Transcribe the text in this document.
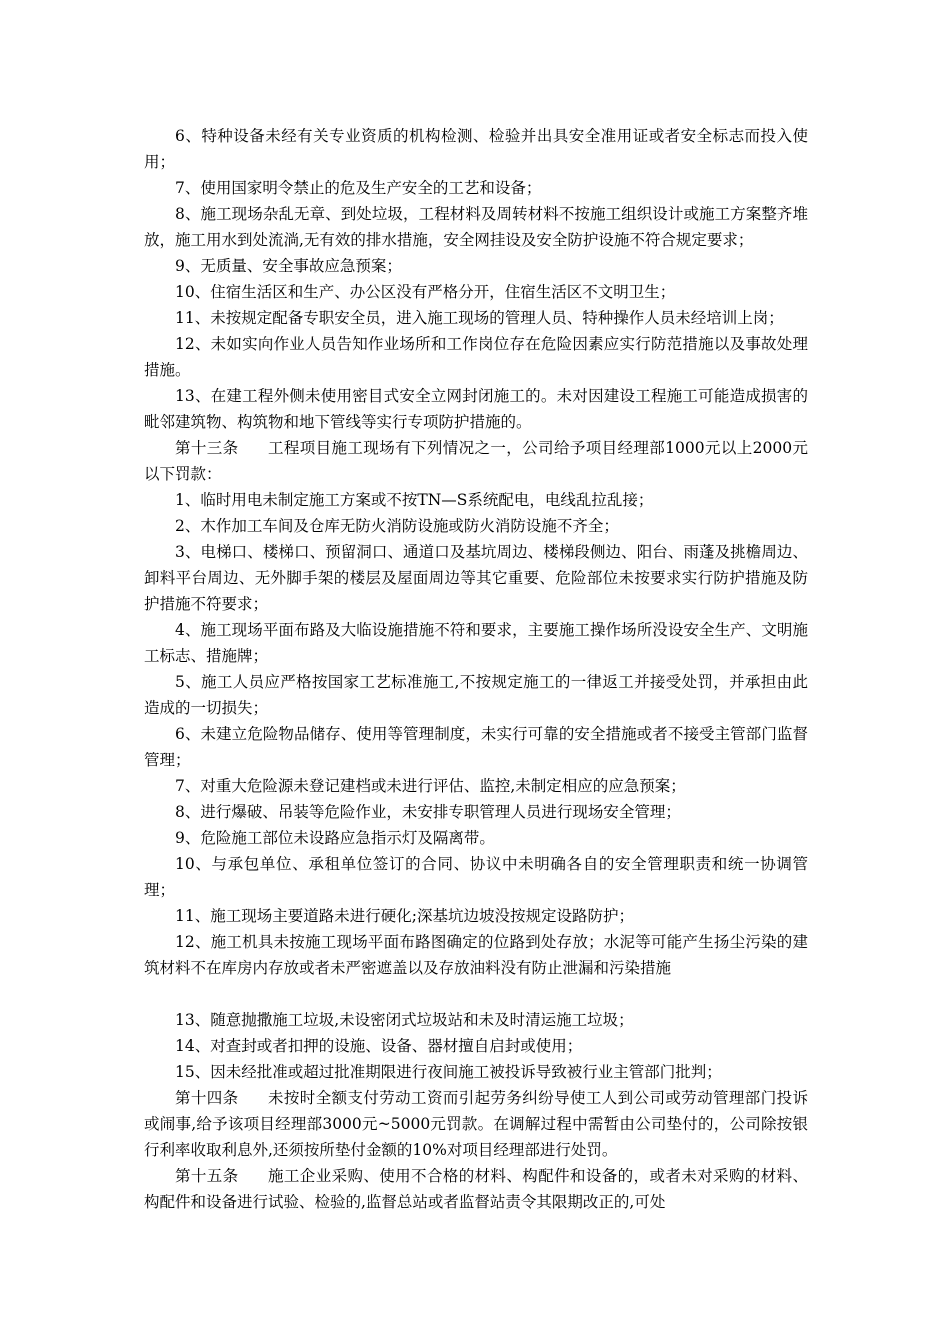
6、特种设备未经有关专业资质的机构检测、检验并出具安全准用证或者安全标志而投入使用；

7、使用国家明令禁止的危及生产安全的工艺和设备；

8、施工现场杂乱无章、到处垃圾，工程材料及周转材料不按施工组织设计或施工方案整齐堆放，施工用水到处流淌,无有效的排水措施，安全网挂设及安全防护设施不符合规定要求；

9、无质量、安全事故应急预案；

10、住宿生活区和生产、办公区没有严格分开，住宿生活区不文明卫生；

11、未按规定配备专职安全员，进入施工现场的管理人员、特种操作人员未经培训上岗；

12、未如实向作业人员告知作业场所和工作岗位存在危险因素应实行防范措施以及事故处理措施。

13、在建工程外侧未使用密目式安全立网封闭施工的。未对因建设工程施工可能造成损害的毗邻建筑物、构筑物和地下管线等实行专项防护措施的。

第十三条 工程项目施工现场有下列情况之一，公司给予项目经理部1000元以上2000元以下罚款：

1、临时用电未制定施工方案或不按TN—S系统配电，电线乱拉乱接；

2、木作加工车间及仓库无防火消防设施或防火消防设施不齐全；

3、电梯口、楼梯口、预留洞口、通道口及基坑周边、楼梯段侧边、阳台、雨蓬及挑檐周边、卸料平台周边、无外脚手架的楼层及屋面周边等其它重要、危险部位未按要求实行防护措施及防护措施不符要求；

4、施工现场平面布路及大临设施措施不符和要求，主要施工操作场所没设安全生产、文明施工标志、措施牌；

5、施工人员应严格按国家工艺标准施工,不按规定施工的一律返工并接受处罚，并承担由此造成的一切损失；

6、未建立危险物品储存、使用等管理制度，未实行可靠的安全措施或者不接受主管部门监督管理；

7、对重大危险源未登记建档或未进行评估、监控,未制定相应的应急预案；

8、进行爆破、吊装等危险作业，未安排专职管理人员进行现场安全管理；

9、危险施工部位未设路应急指示灯及隔离带。

10、与承包单位、承租单位签订的合同、协议中未明确各自的安全管理职责和统一协调管理；

11、施工现场主要道路未进行硬化;深基坑边坡没按规定设路防护；

12、施工机具未按施工现场平面布路图确定的位路到处存放；水泥等可能产生扬尘污染的建筑材料不在库房内存放或者未严密遮盖以及存放油料没有防止泄漏和污染措施

13、随意抛撒施工垃圾,未设密闭式垃圾站和未及时清运施工垃圾；

14、对查封或者扣押的设施、设备、器材擅自启封或使用；

15、因未经批准或超过批准期限进行夜间施工被投诉导致被行业主管部门批判；

第十四条 未按时全额支付劳动工资而引起劳务纠纷导使工人到公司或劳动管理部门投诉或闹事,给予该项目经理部3000元~5000元罚款。在调解过程中需暂由公司垫付的，公司除按银行利率收取利息外,还须按所垫付金额的10%对项目经理部进行处罚。

第十五条 施工企业采购、使用不合格的材料、构配件和设备的，或者未对采购的材料、构配件和设备进行试验、检验的,监督总站或者监督站责令其限期改正的,可处
